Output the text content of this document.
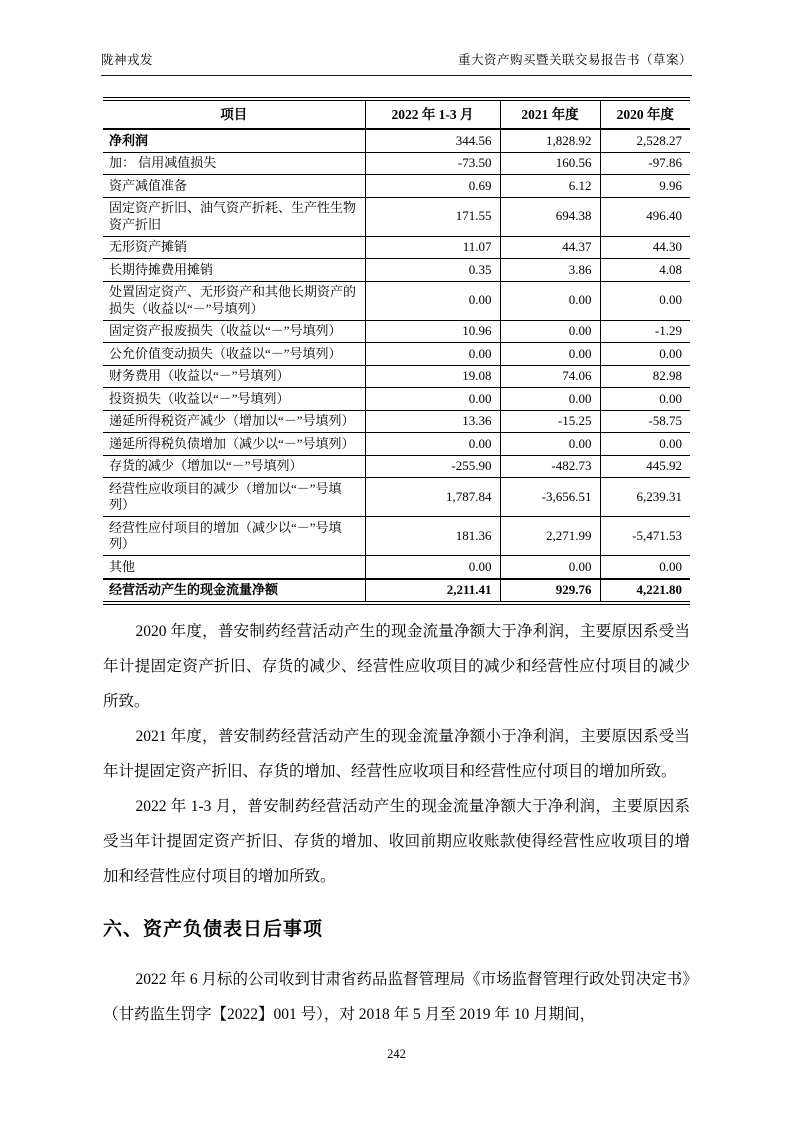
陇神戎发	重大资产购买暨关联交易报告书（草案）
项目	2022 年 1-3 月	2021 年度	2020 年度
净利润	344.56	1,828.92	2,528.27
加： 信用减值损失	-73.50	160.56	-97.86
资产减值准备	0.69	6.12	9.96
固定资产折旧、油气资产折耗、生产性生物资产折旧	171.55	694.38	496.40
无形资产摊销	11.07	44.37	44.30
长期待摊费用摊销	0.35	3.86	4.08
处置固定资产、无形资产和其他长期资产的损失（收益以“－”号填列）	0.00	0.00	0.00
固定资产报废损失（收益以“－”号填列）	10.96	0.00	-1.29
公允价值变动损失（收益以“－”号填列）	0.00	0.00	0.00
财务费用（收益以“－”号填列）	19.08	74.06	82.98
投资损失（收益以“－”号填列）	0.00	0.00	0.00
递延所得税资产减少（增加以“－”号填列）	13.36	-15.25	-58.75
递延所得税负债增加（减少以“－”号填列）	0.00	0.00	0.00
存货的减少（增加以“－”号填列）	-255.90	-482.73	445.92
经营性应收项目的减少（增加以“－”号填列）	1,787.84	-3,656.51	6,239.31
经营性应付项目的增加（减少以“－”号填列）	181.36	2,271.99	-5,471.53
其他	0.00	0.00	0.00
经营活动产生的现金流量净额	2,211.41	929.76	4,221.80

2020 年度，普安制药经营活动产生的现金流量净额大于净利润，主要原因系受当年计提固定资产折旧、存货的减少、经营性应收项目的减少和经营性应付项目的减少所致。

2021 年度，普安制药经营活动产生的现金流量净额小于净利润，主要原因系受当年计提固定资产折旧、存货的增加、经营性应收项目和经营性应付项目的增加所致。

2022 年 1-3 月，普安制药经营活动产生的现金流量净额大于净利润，主要原因系受当年计提固定资产折旧、存货的增加、收回前期应收账款使得经营性应收项目的增加和经营性应付项目的增加所致。

六、资产负债表日后事项

2022 年 6 月标的公司收到甘肃省药品监督管理局《市场监督管理行政处罚决定书》（甘药监生罚字【2022】001 号），对 2018 年 5 月至 2019 年 10 月期间，

242
